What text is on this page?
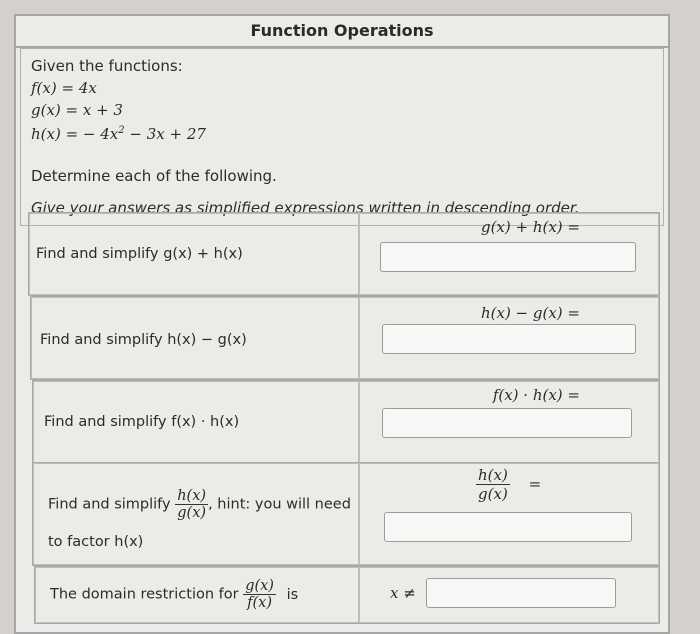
Function Operations
Given the functions:
f(x) = 4x
g(x) = x + 3
h(x) = − $4x^2 - 3x + 27$
Determine each of the following.
Give your answers as simplified expressions written in descending order.
Find and simplify g(x) + h(x)
g(x) + h(x) =
Find and simplify h(x) − g(x)
h(x) − g(x) =
Find and simplify f(x) · h(x)
f(x) · h(x) =
Find and simplify $\frac{h(x)}{g(x)}$ , hint: you will need
to factor h(x)
$\frac{h(x)}{g(x)}$ =
The domain restriction for $\frac{g(x)}{f(x)}$ is	x ≠
